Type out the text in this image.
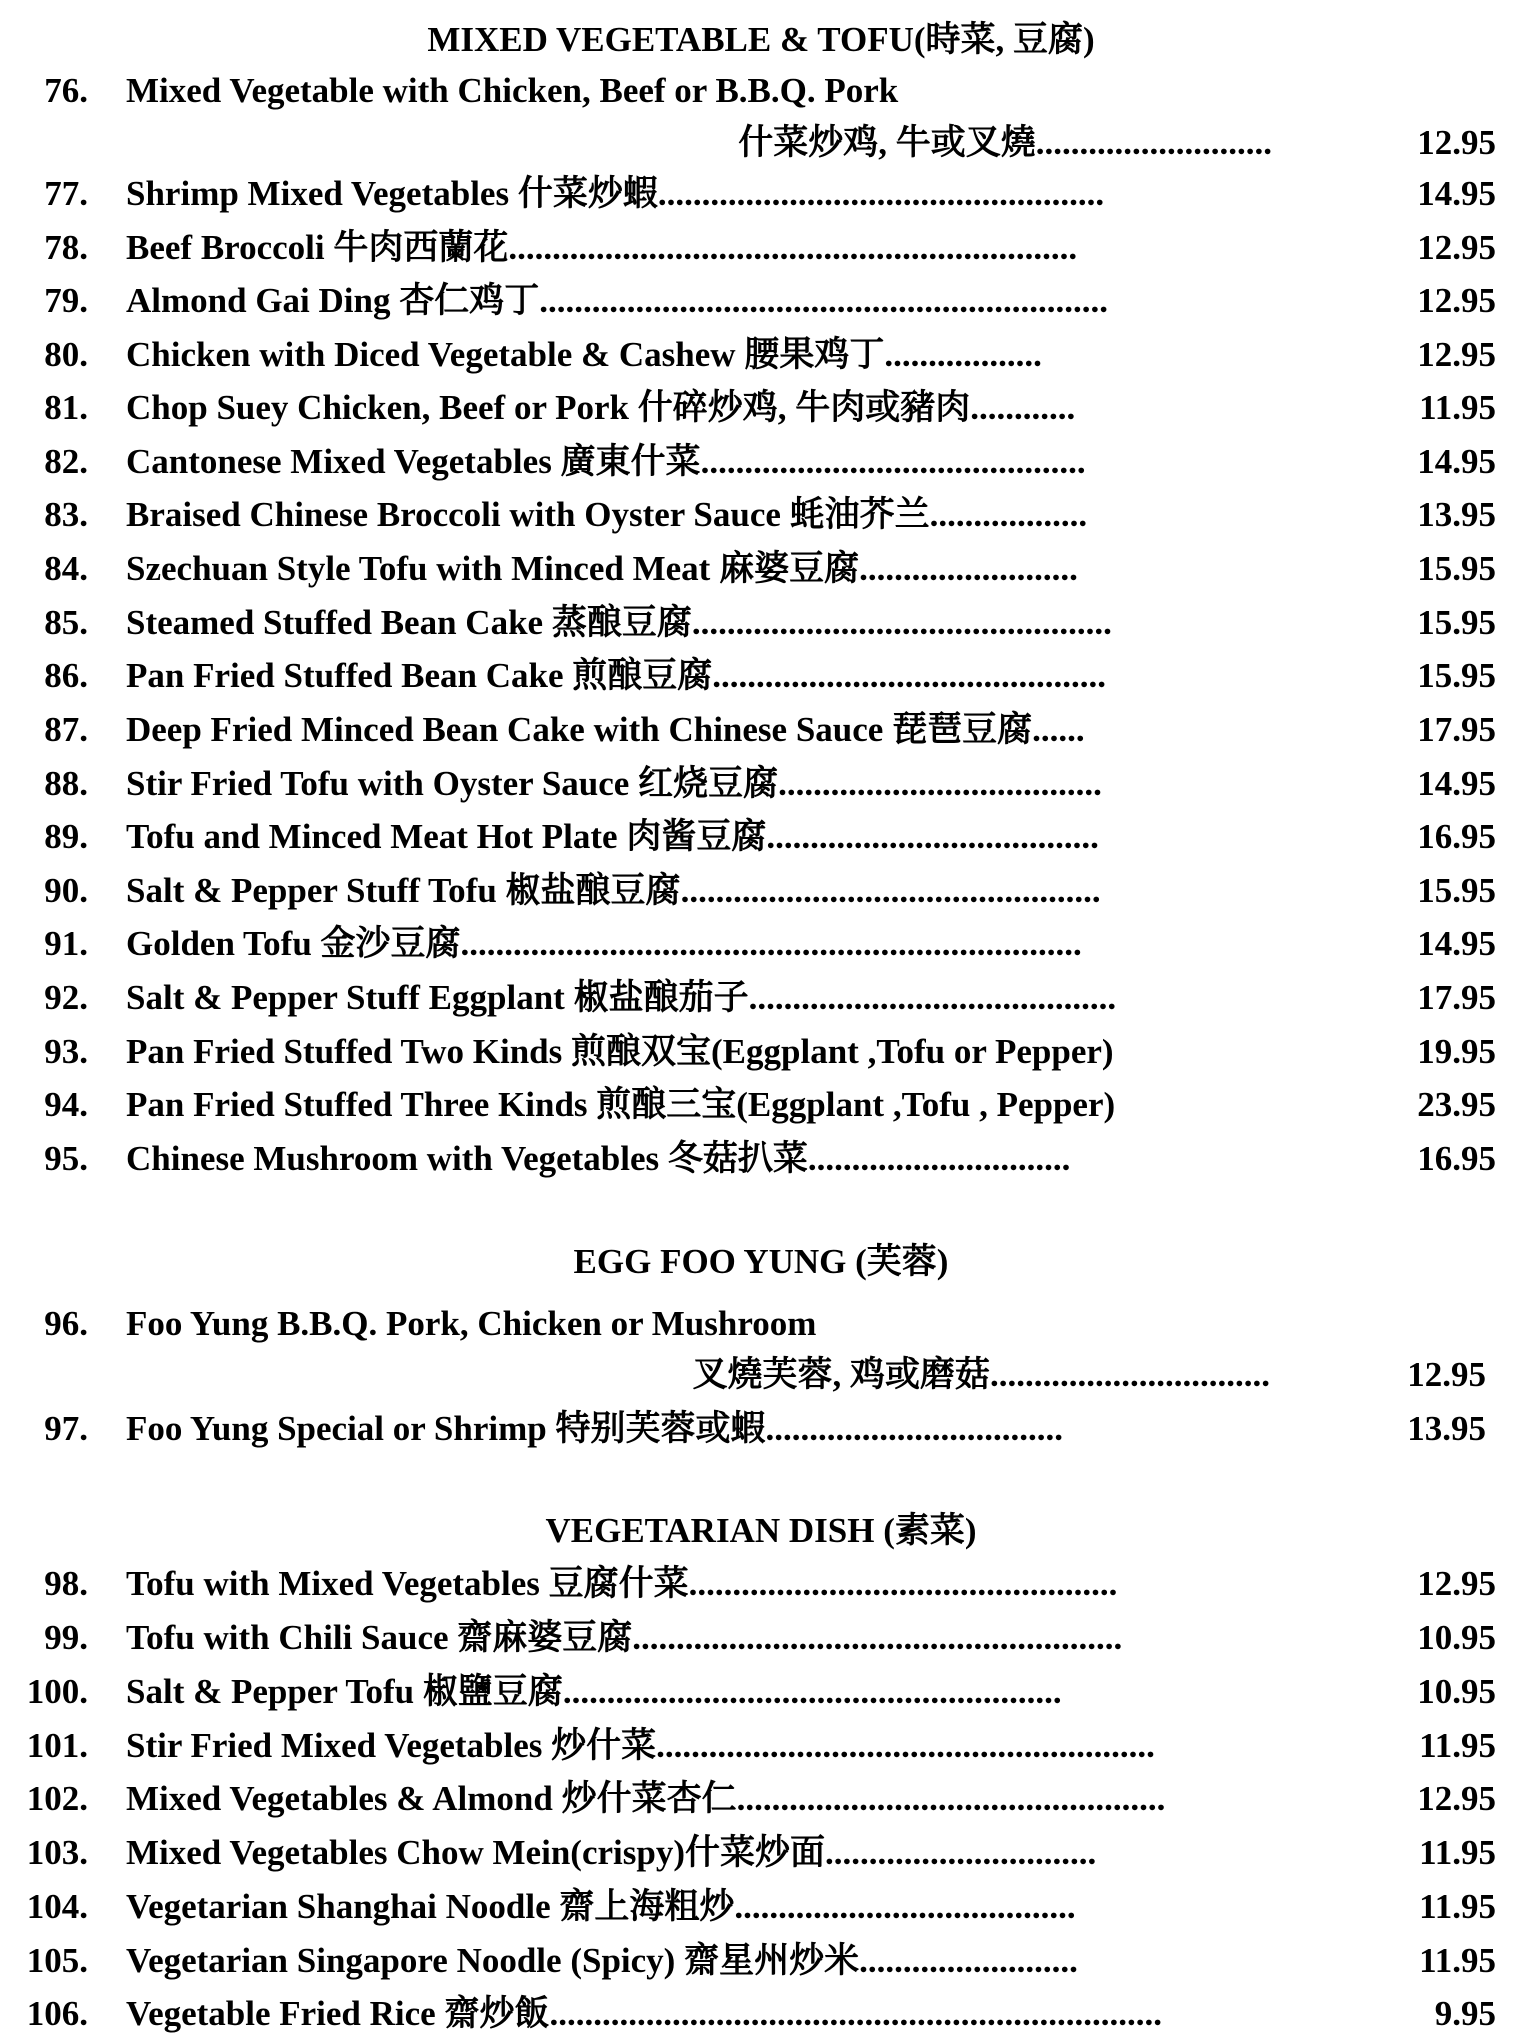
MIXED VEGETABLE & TOFU(時菜, 豆腐)
76. Mixed Vegetable with Chicken, Beef or B.B.Q. Pork
什菜炒鸡, 牛或叉燒...........................	12.95
77. Shrimp Mixed Vegetables 什菜炒蝦...................................................	14.95
78. Beef Broccoli 牛肉西蘭花.................................................................	12.95
79. Almond Gai Ding 杏仁鸡丁.................................................................	12.95
80. Chicken with Diced Vegetable & Cashew 腰果鸡丁..................	12.95
81. Chop Suey Chicken, Beef or Pork 什碎炒鸡, 牛肉或豬肉............	11.95
82. Cantonese Mixed Vegetables 廣東什菜............................................	14.95
83. Braised Chinese Broccoli with Oyster Sauce 蚝油芥兰..................	13.95
84. Szechuan Style Tofu with Minced Meat 麻婆豆腐.........................	15.95
85. Steamed Stuffed Bean Cake 蒸酿豆腐................................................	15.95
86. Pan Fried Stuffed Bean Cake 煎酿豆腐.............................................	15.95
87. Deep Fried Minced Bean Cake with Chinese Sauce 琵琶豆腐......	17.95
88. Stir Fried Tofu with Oyster Sauce 红烧豆腐.....................................	14.95
89. Tofu and Minced Meat Hot Plate 肉酱豆腐......................................	16.95
90. Salt & Pepper Stuff Tofu 椒盐酿豆腐................................................	15.95
91. Golden Tofu 金沙豆腐.......................................................................	14.95
92. Salt & Pepper Stuff Eggplant 椒盐酿茄子..........................................	17.95
93. Pan Fried Stuffed Two Kinds 煎酿双宝(Eggplant ,Tofu or Pepper)	19.95
94. Pan Fried Stuffed Three Kinds 煎酿三宝(Eggplant ,Tofu , Pepper)	23.95
95. Chinese Mushroom with Vegetables 冬菇扒菜..............................	16.95
EGG FOO YUNG (芙蓉)
96. Foo Yung B.B.Q. Pork, Chicken or Mushroom
叉燒芙蓉, 鸡或磨菇................................	12.95
97. Foo Yung Special or Shrimp 特别芙蓉或蝦..................................	13.95
VEGETARIAN DISH (素菜)
98. Tofu with Mixed Vegetables 豆腐什菜.................................................	12.95
99. Tofu with Chili Sauce 齋麻婆豆腐........................................................	10.95
100. Salt & Pepper Tofu 椒鹽豆腐.........................................................	10.95
101. Stir Fried Mixed Vegetables 炒什菜.........................................................	11.95
102. Mixed Vegetables & Almond 炒什菜杏仁.................................................	12.95
103. Mixed Vegetables Chow Mein(crispy)什菜炒面...............................	11.95
104. Vegetarian Shanghai Noodle 齋上海粗炒.......................................	11.95
105. Vegetarian Singapore Noodle (Spicy) 齋星州炒米.........................	11.95
106. Vegetable Fried Rice 齋炒飯......................................................................	9.95
